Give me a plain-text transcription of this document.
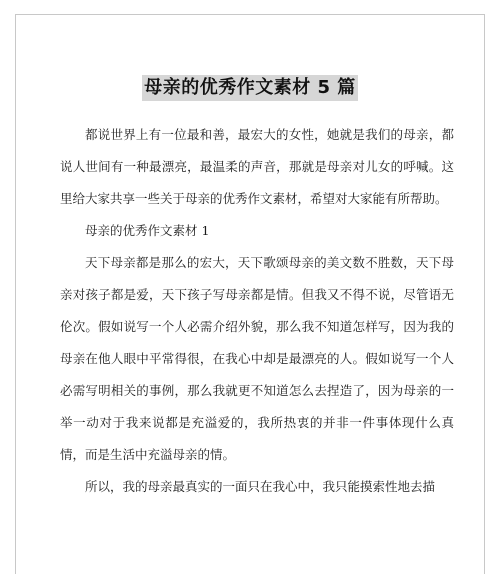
母亲的优秀作文素材 5 篇

都说世界上有一位最和善，最宏大的女性，她就是我们的母亲，都说人世间有一种最漂亮，最温柔的声音，那就是母亲对儿女的呼喊。这里给大家共享一些关于母亲的优秀作文素材，希望对大家能有所帮助。

母亲的优秀作文素材 1

天下母亲都是那么的宏大，天下歌颂母亲的美文数不胜数，天下母亲对孩子都是爱，天下孩子写母亲都是情。但我又不得不说，尽管语无伦次。假如说写一个人必需介绍外貌，那么我不知道怎样写，因为我的母亲在他人眼中平常得很，在我心中却是最漂亮的人。假如说写一个人必需写明相关的事例，那么我就更不知道怎么去捏造了，因为母亲的一举一动对于我来说都是充溢爱的，我所热衷的并非一件事体现什么真情，而是生活中充溢母亲的情。

所以，我的母亲最真实的一面只在我心中，我只能摸索性地去描
